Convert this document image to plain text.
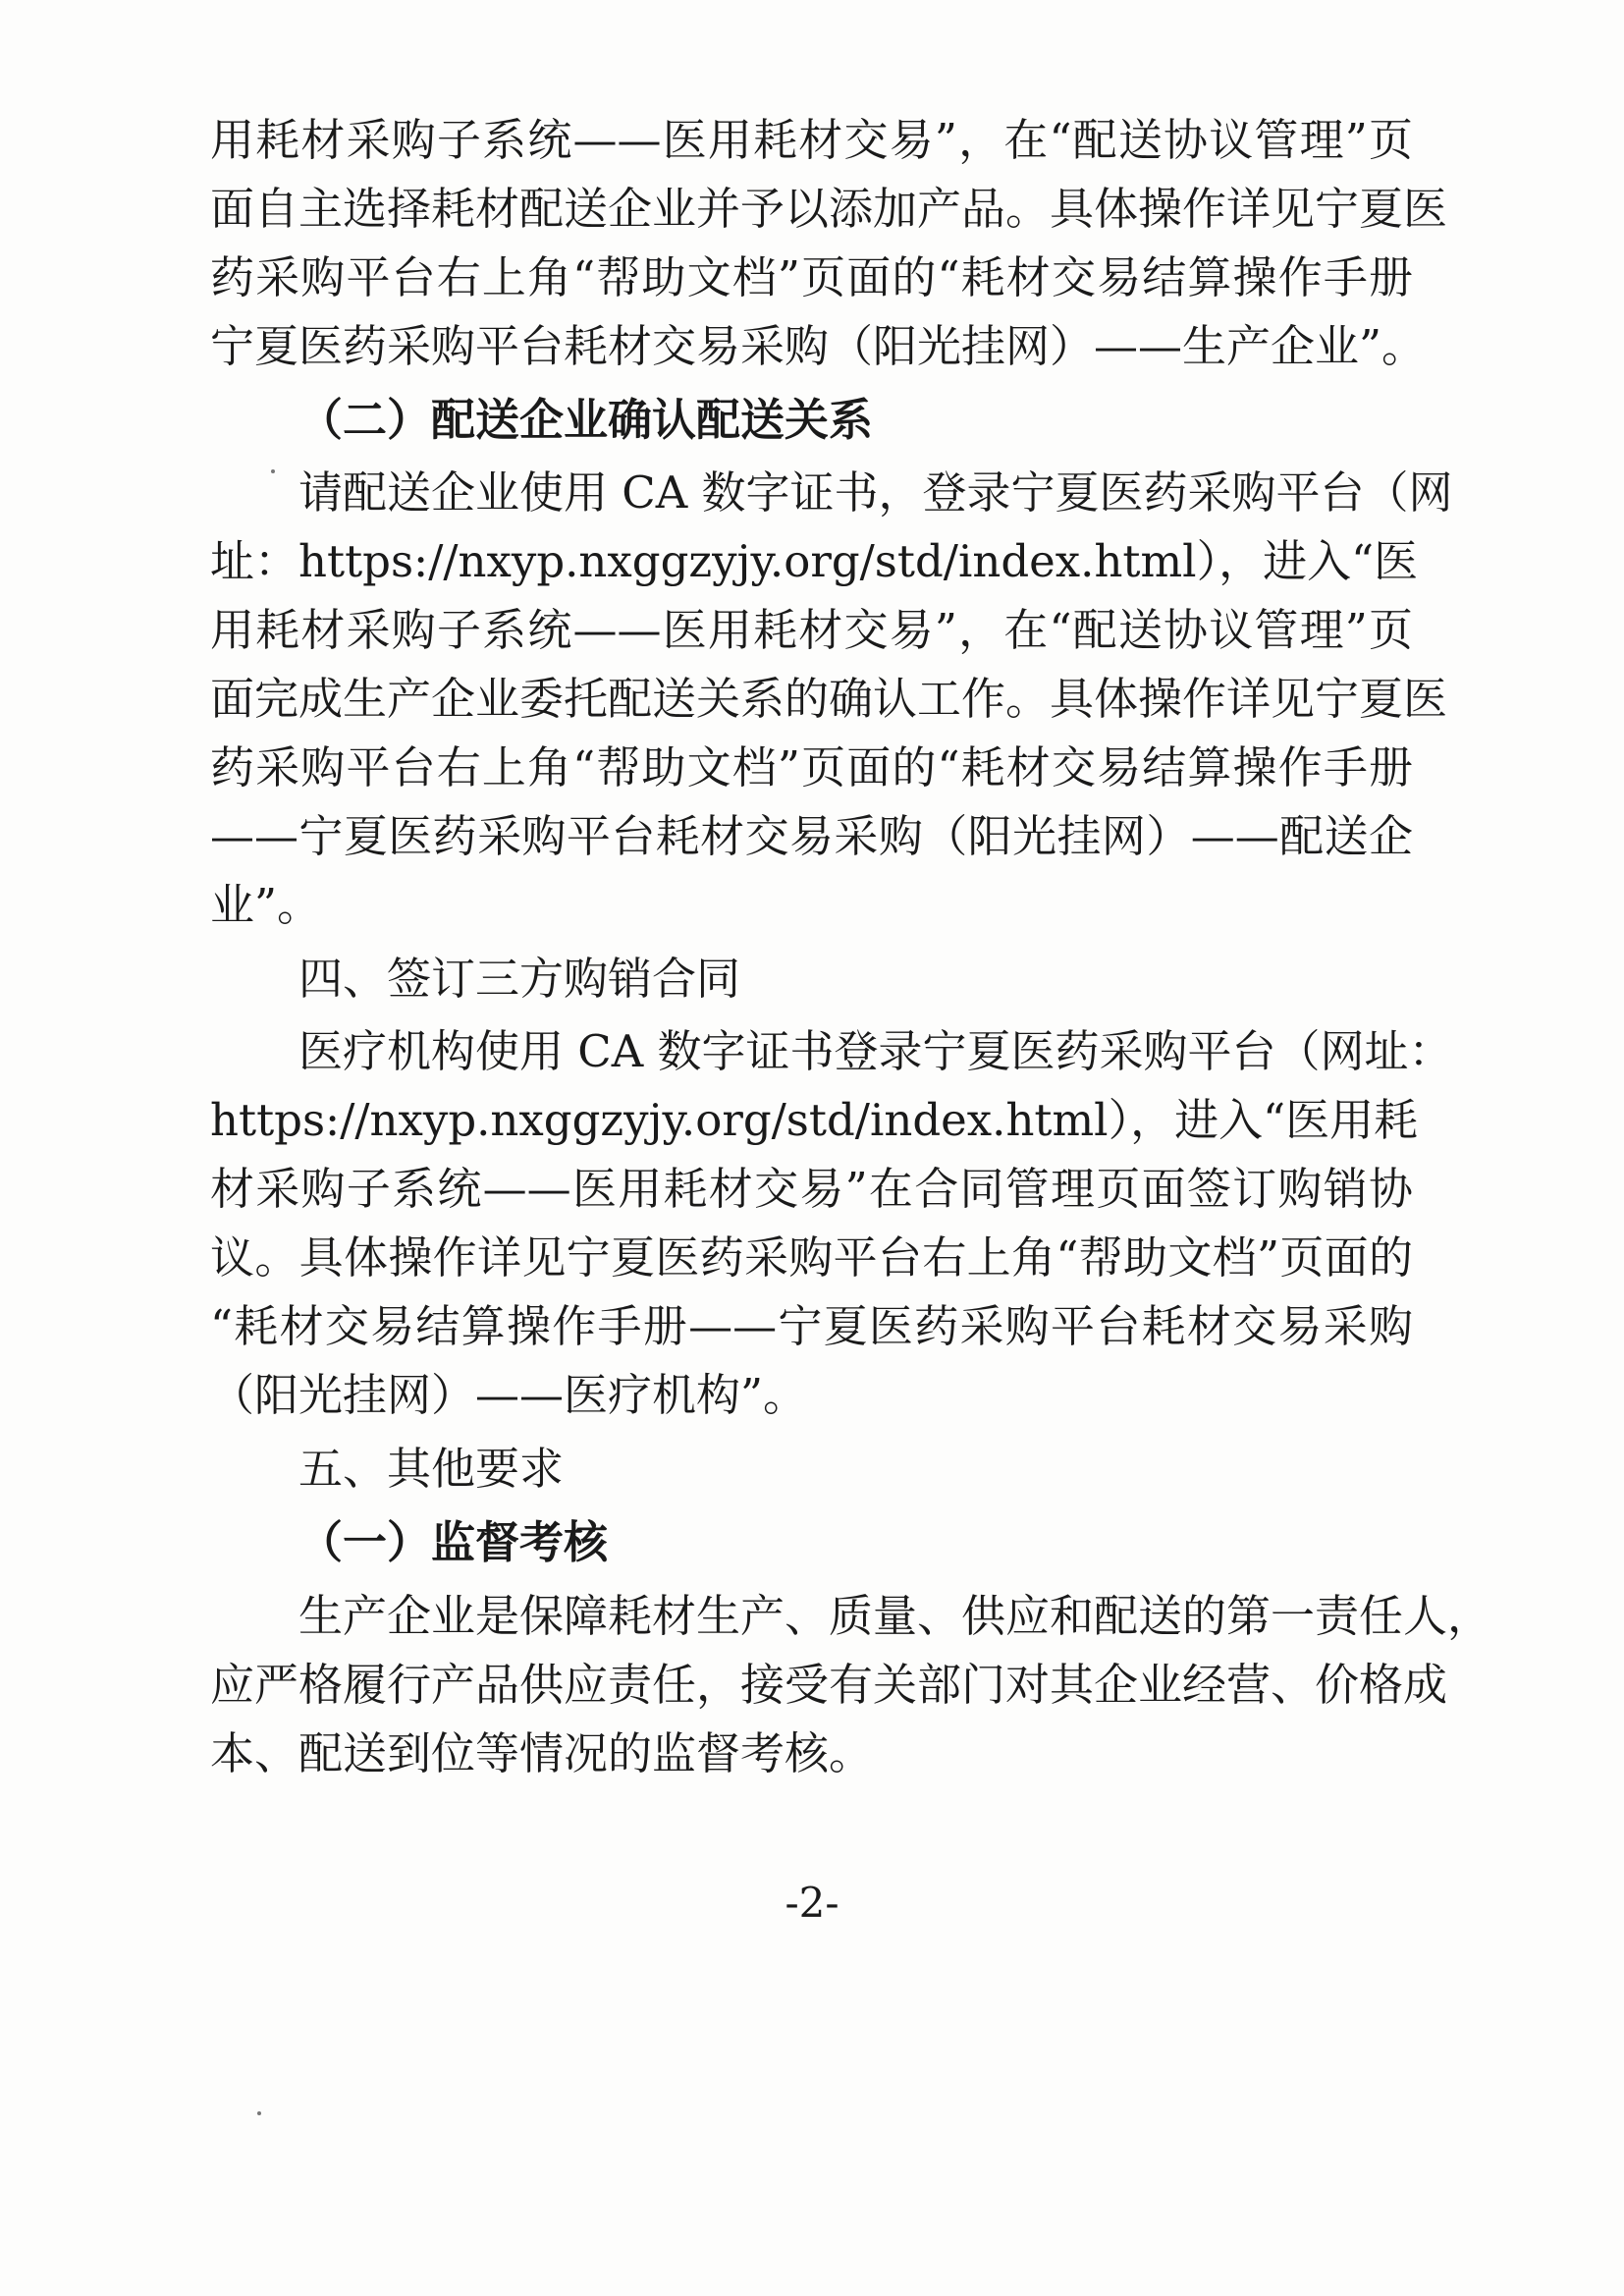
用耗材采购子系统——医用耗材交易”，在“配送协议管理”页
面自主选择耗材配送企业并予以添加产品。具体操作详见宁夏医
药采购平台右上角“帮助文档”页面的“耗材交易结算操作手册
宁夏医药采购平台耗材交易采购（阳光挂网）——生产企业”。
（二）配送企业确认配送关系
请配送企业使用 CA 数字证书，登录宁夏医药采购平台（网
址：https://nxyp.nxggzyjy.org/std/index.html），进入“医
用耗材采购子系统——医用耗材交易”，在“配送协议管理”页
面完成生产企业委托配送关系的确认工作。具体操作详见宁夏医
药采购平台右上角“帮助文档”页面的“耗材交易结算操作手册
——宁夏医药采购平台耗材交易采购（阳光挂网）——配送企
业”。
四、签订三方购销合同
医疗机构使用 CA 数字证书登录宁夏医药采购平台（网址：
https://nxyp.nxggzyjy.org/std/index.html），进入“医用耗
材采购子系统——医用耗材交易”在合同管理页面签订购销协
议。具体操作详见宁夏医药采购平台右上角“帮助文档”页面的
“耗材交易结算操作手册——宁夏医药采购平台耗材交易采购
（阳光挂网）——医疗机构”。
五、其他要求
（一）监督考核
生产企业是保障耗材生产、质量、供应和配送的第一责任人，
应严格履行产品供应责任，接受有关部门对其企业经营、价格成
本、配送到位等情况的监督考核。
-2-
